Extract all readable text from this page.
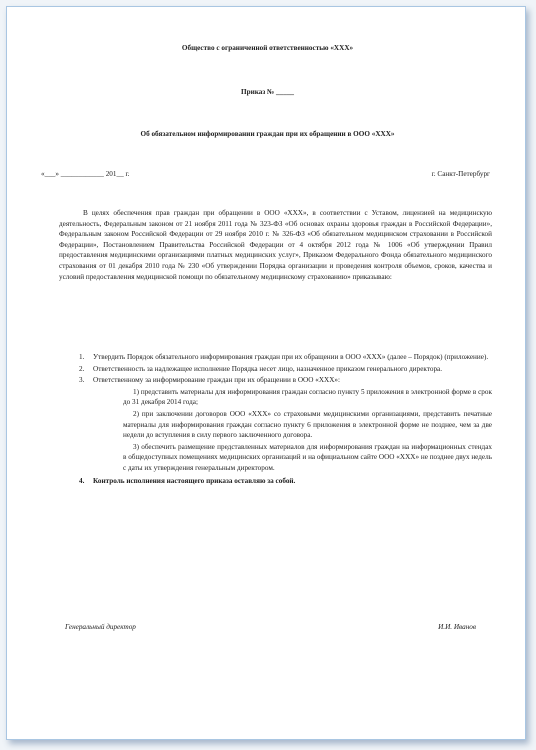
Общество с ограниченной ответственностью «ХХХ»
Приказ № _____
Об обязательном информировании граждан при их обращении в ООО «ХХХ»
«___» ____________ 201__ г.	г. Санкт-Петербург
В целях обеспечения прав граждан при обращении в ООО «ХХХ», в соответствии с Уставом, лицензией на медицинскую деятельность, Федеральным законом от 21 ноября 2011 года № 323-ФЗ «Об основах охраны здоровья граждан в Российской Федерации», Федеральным законом Российской Федерации от 29 ноября 2010 г. № 326-ФЗ «Об обязательном медицинском страховании в Российской Федерации», Постановлением Правительства Российской Федерации от 4 октября 2012 года № 1006 «Об утверждении Правил предоставления медицинскими организациями платных медицинских услуг», Приказом Федерального Фонда обязательного медицинского страхования от 01 декабря 2010 года № 230 «Об утверждении Порядка организации и проведения контроля объемов, сроков, качества и условий предоставления медицинской помощи по обязательному медицинскому страхованию» приказываю:
1.	Утвердить Порядок обязательного информирования граждан при их обращении в ООО «ХХХ» (далее – Порядок) (приложение).
2.	Ответственность за надлежащее исполнение Порядка несет лицо, назначенное приказом генерального директора.
3.	Ответственному за информирование граждан при их обращении в ООО «ХХХ»:
1) представить материалы для информирования граждан согласно пункту 5 приложения в электронной форме в срок до 31 декабря 2014 года;
2) при заключении договоров ООО «ХХХ» со страховыми медицинскими организациями, представить печатные материалы для информирования граждан согласно пункту 6 приложения в электронной форме не позднее, чем за две недели до вступления в силу первого заключенного договора.
3) обеспечить размещение представленных материалов для информирования граждан на информационных стендах в общедоступных помещениях медицинских организаций и на официальном сайте ООО «ХХХ» не позднее двух недель с даты их утверждения генеральным директором.
4.	Контроль исполнения настоящего приказа оставляю за собой.
Генеральный директор	И.И. Иванов
